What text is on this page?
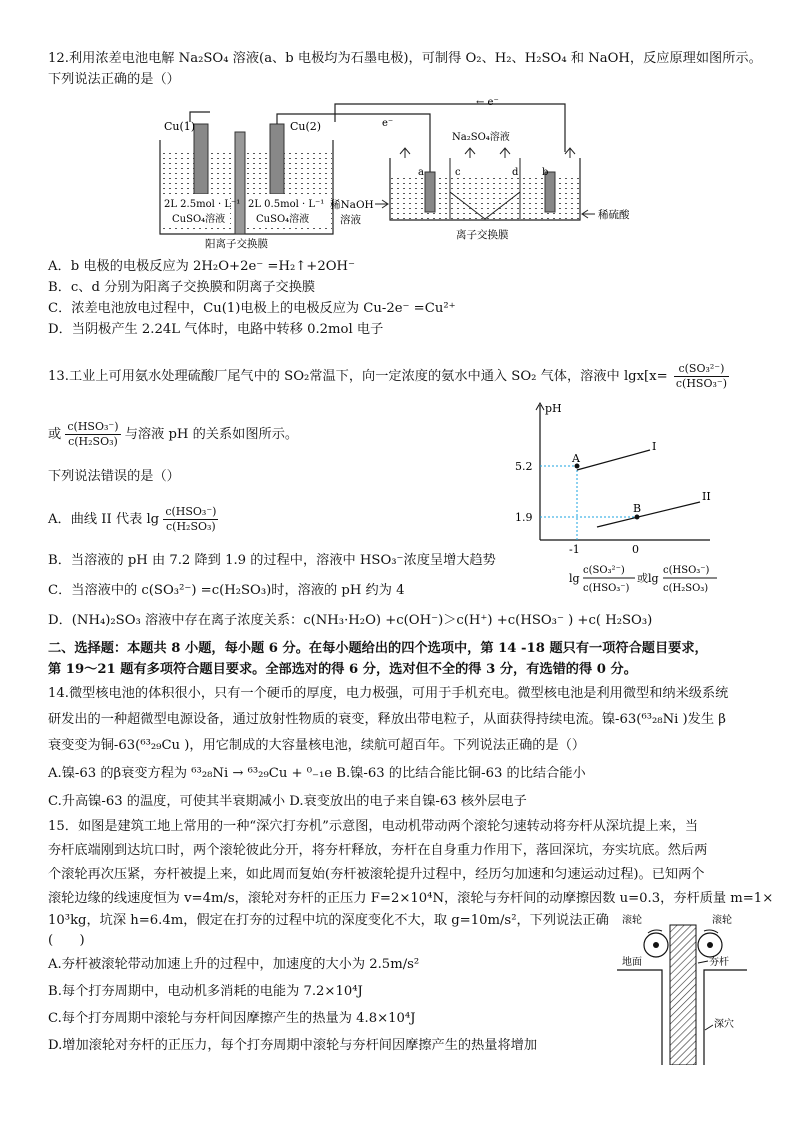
12.利用浓差电池电解 Na₂SO₄ 溶液(a、b 电极均为石墨电极)，可制得 O₂、H₂、H₂SO₄ 和 NaOH，反应原理如图所示。
下列说法正确的是（）
← e⁻
Cu(1)	Cu(2)
2L 2.5mol · L⁻¹
CuSO₄溶液
2L 0.5mol · L⁻¹
CuSO₄溶液
阳离子交换膜
e⁻
Na₂SO₄溶液
a	c	d b
稀NaOH
溶液	稀硫酸
离子交换膜
A．b 电极的电极反应为 2H₂O+2e⁻ =H₂↑+2OH⁻
B．c、d 分别为阳离子交换膜和阴离子交换膜
C．浓差电池放电过程中，Cu(1)电极上的电极反应为 Cu-2e⁻ =Cu²⁺
D．当阴极产生 2.24L 气体时，电路中转移 0.2mol 电子
13.工业上可用氨水处理硫酸厂尾气中的 SO₂常温下，向一定浓度的氨水中通入 SO₂ 气体，溶液中 lgx[x=
c(SO₃²⁻)
c(HSO₃⁻)
或
c(HSO₃⁻)
c(H₂SO₃) 与溶液 pH 的关系如图所示。
下列说法错误的是（）
A．曲线 II 代表 lg
c(HSO₃⁻)
c(H₂SO₃)
B．当溶液的 pH 由 7.2 降到 1.9 的过程中，溶液中 HSO₃⁻浓度呈增大趋势
C．当溶液中的 c(SO₃²⁻) =c(H₂SO₃)时，溶液的 pH 约为 4
D．(NH₄)₂SO₃ 溶液中存在离子浓度关系：c(NH₃·H₂O) +c(OH⁻)＞c(H⁺) +c(HSO₃⁻ ) +c( H₂SO₃)
pH
A
B
I
II
5.2
1.9
-1	0
lg
c(SO₃²⁻)
c(HSO₃⁻)
或lg
c(HSO₃⁻)
c(H₂SO₃)
二、选择题：本题共 8 小题，每小题 6 分。在每小题给出的四个选项中，第 14 -18 题只有一项符合题目要求，
第 19～21 题有多项符合题目要求。全部选对的得 6 分，选对但不全的得 3 分，有选错的得 0 分。
14.微型核电池的体积很小，只有一个硬币的厚度，电力极强，可用于手机充电。微型核电池是利用微型和纳米级系统
研发出的一种超微型电源设备，通过放射性物质的衰变，释放出带电粒子，从面获得持续电流。镍-63(⁶³₂₈Ni )发生 β
衰变变为铜-63(⁶³₂₉Cu )，用它制成的大容量核电池，续航可超百年。下列说法正确的是（）
A.镍-63 的β衰变方程为 ⁶³₂₈Ni → ⁶³₂₉Cu + ⁰₋₁e B.镍-63 的比结合能比铜-63 的比结合能小
C.升高镍-63 的温度，可使其半衰期减小 D.衰变放出的电子来自镍-63 核外层电子
15．如图是建筑工地上常用的一种“深穴打夯机”示意图，电动机带动两个滚轮匀速转动将夯杆从深坑提上来，当
夯杆底端刚到达坑口时，两个滚轮彼此分开，将夯杆释放，夯杆在自身重力作用下，落回深坑，夯实坑底。然后两
个滚轮再次压紧，夯杆被提上来，如此周而复始(夯杆被滚轮提升过程中，经历匀加速和匀速运动过程)。已知两个
滚轮边缘的线速度恒为 v=4m/s，滚轮对夯杆的正压力 F=2×10⁴N，滚轮与夯杆间的动摩擦因数 u=0.3，夯杆质量 m=1×
10³kg，坑深 h=6.4m，假定在打夯的过程中坑的深度变化不大，取 g=10m/s²，下列说法正确
(　　)
A.夯杆被滚轮带动加速上升的过程中，加速度的大小为 2.5m/s²
B.每个打夯周期中，电动机多消耗的电能为 7.2×10⁴J
C.每个打夯周期中滚轮与夯杆间因摩擦产生的热量为 4.8×10⁴J
D.增加滚轮对夯杆的正压力，每个打夯周期中滚轮与夯杆间因摩擦产生的热量将增加
滚轮	滚轮
地面	夯杆
深穴
